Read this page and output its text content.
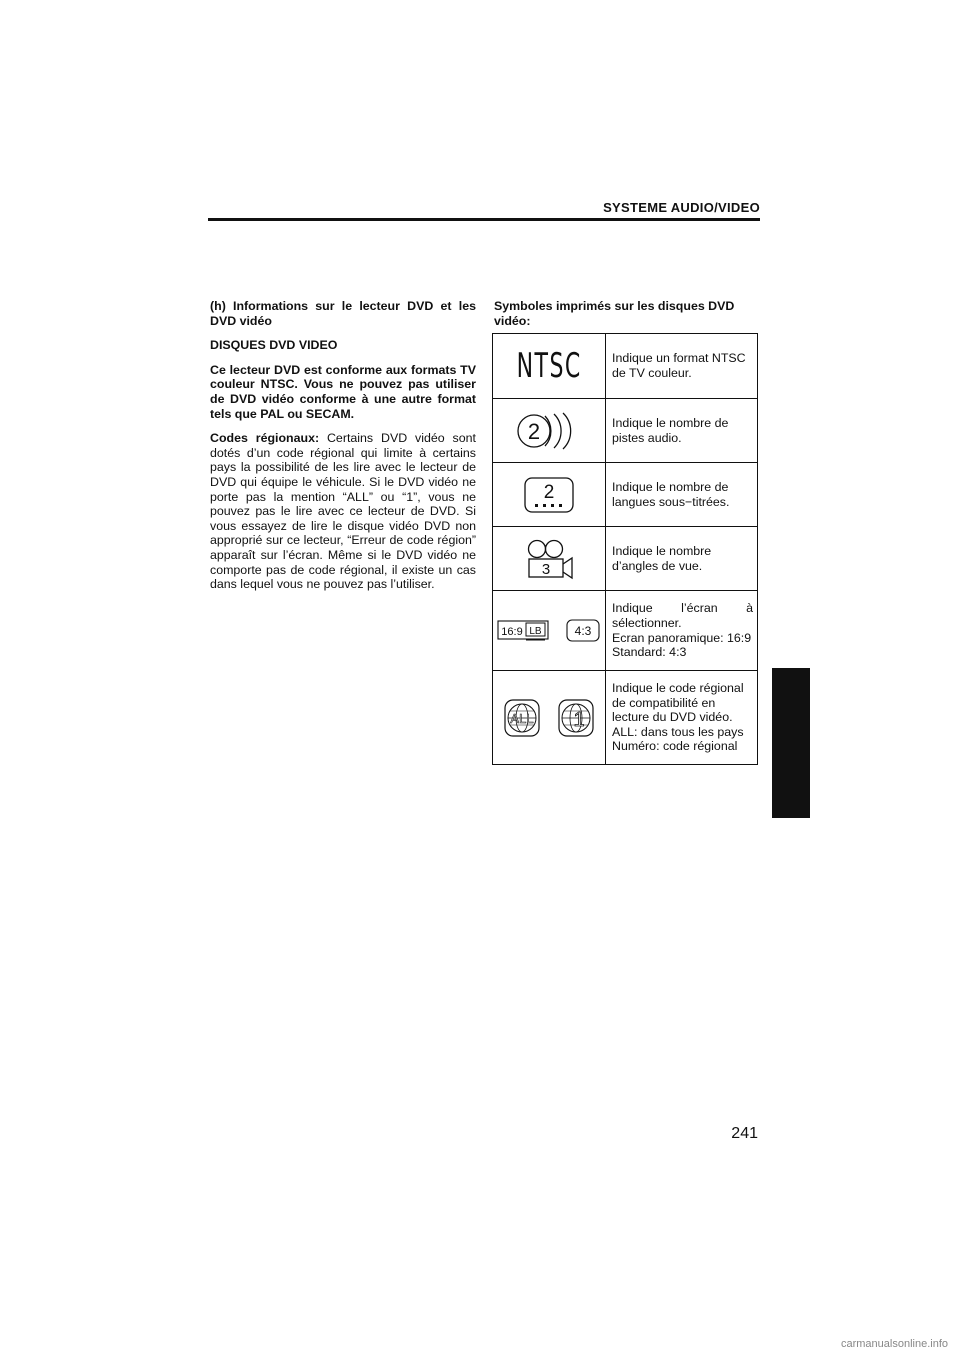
SYSTEME AUDIO/VIDEO

(h) Informations sur le lecteur DVD et les DVD vidéo

DISQUES DVD VIDEO

Ce lecteur DVD est conforme aux formats TV couleur NTSC. Vous ne pouvez pas utiliser de DVD vidéo conforme à une autre format tels que PAL ou SECAM.

Codes régionaux: Certains DVD vidéo sont dotés d’un code régional qui limite à certains pays la possibilité de les lire avec le lecteur de DVD qui équipe le véhicule. Si le DVD vidéo ne porte pas la mention “ALL” ou “1”, vous ne pouvez pas le lire avec ce lecteur de DVD. Si vous essayez de lire le disque vidéo DVD non approprié sur ce lecteur, “Erreur de code région” apparaît sur l’écran. Même si le DVD vidéo ne comporte pas de code régional, il existe un cas dans lequel vous ne pouvez pas l’utiliser.

Symboles imprimés sur les disques DVD vidéo:
NTSC	Indique un format NTSC de TV couleur.

2	Indique le nombre de pistes audio.

2	Indique le nombre de langues sous−titrées.

3	Indique le nombre d’angles de vue.

16:9 LB 4:3	Indique l’écran à sélectionner.
Ecran panoramique: 16:9
Standard: 4:3

ALL 1	Indique le code régional de compatibilité en lecture du DVD vidéo.
ALL: dans tous les pays
Numéro: code régional
241
carmanualsonline.info
